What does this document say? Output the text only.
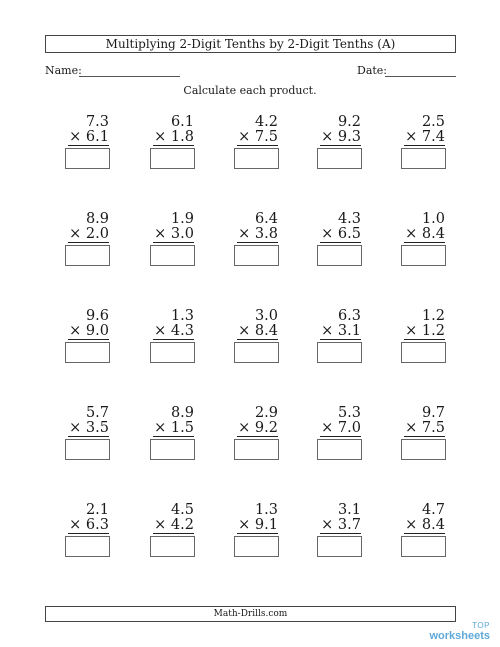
Multiplying 2-Digit Tenths by 2-Digit Tenths (A)
Name:	Date:
Calculate each product.
7.3
× 6.1
6.1
× 1.8
4.2
× 7.5
9.2
× 9.3
2.5
× 7.4
8.9
× 2.0
1.9
× 3.0
6.4
× 3.8
4.3
× 6.5
1.0
× 8.4
9.6
× 9.0
1.3
× 4.3
3.0
× 8.4
6.3
× 3.1
1.2
× 1.2
5.7
× 3.5
8.9
× 1.5
2.9
× 9.2
5.3
× 7.0
9.7
× 7.5
2.1
× 6.3
4.5
× 4.2
1.3
× 9.1
3.1
× 3.7
4.7
× 8.4
Math-Drills.com
TOP
worksheets
